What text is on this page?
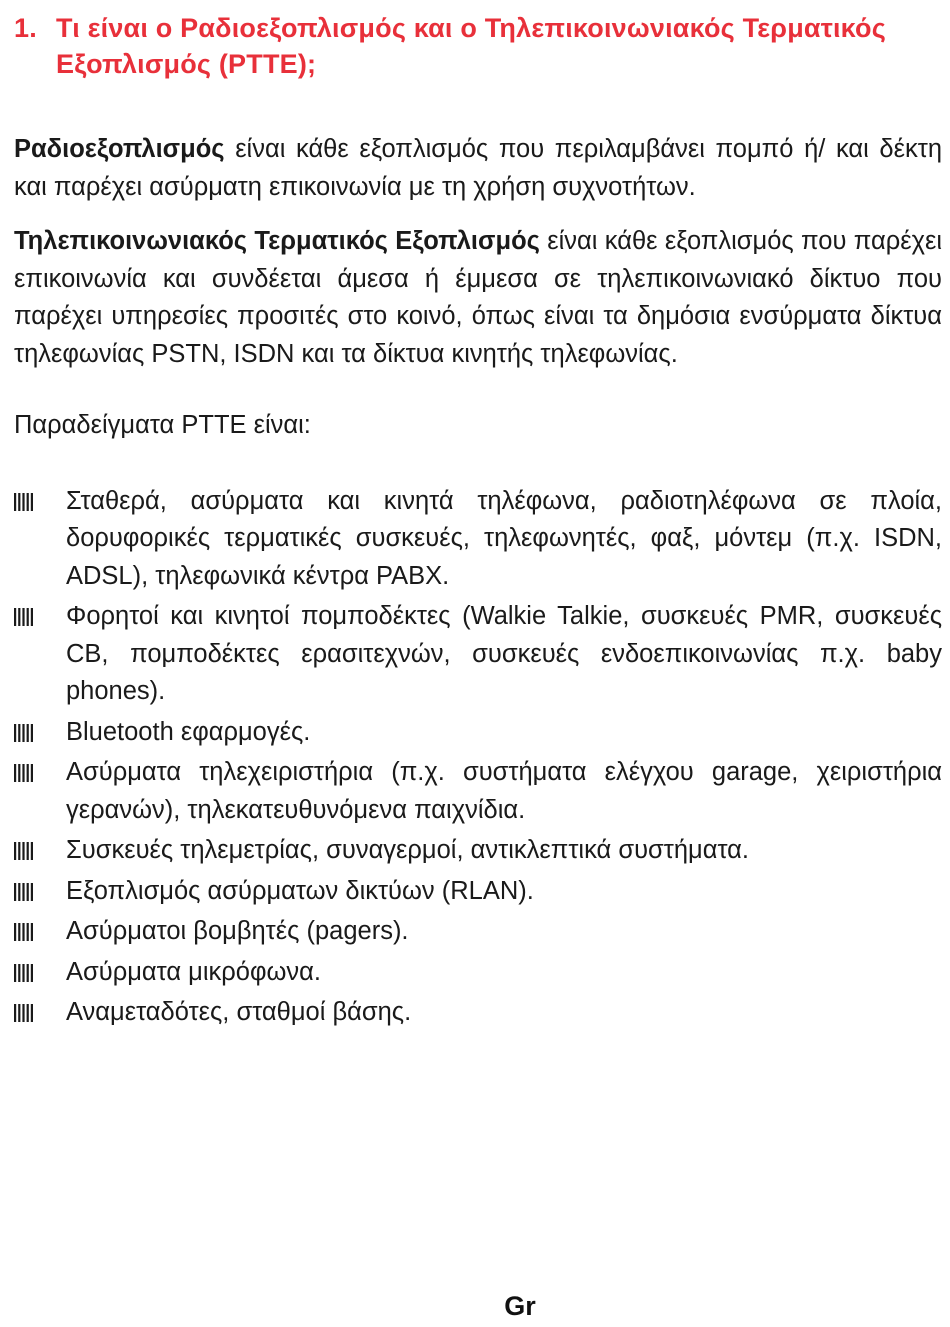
1. Τι είναι ο Ραδιοεξοπλισμός και ο Τηλεπικοινωνιακός Τερματικός Εξοπλισμός (PTTE);

Ραδιοεξοπλισμός είναι κάθε εξοπλισμός που περιλαμβάνει πομπό ή/ και δέκτη και παρέχει ασύρματη επικοινωνία με τη χρήση συχνοτήτων.

Τηλεπικοινωνιακός Τερματικός Εξοπλισμός είναι κάθε εξοπλισμός που παρέχει επικοινωνία και συνδέεται άμεσα ή έμμεσα σε τηλεπικοινωνιακό δίκτυο που παρέχει υπηρεσίες προσιτές στο κοινό, όπως είναι τα δημόσια ενσύρματα δίκτυα τηλεφωνίας PSTN, ISDN και τα δίκτυα κινητής τηλεφωνίας.

Παραδείγματα PTTE είναι:

Σταθερά, ασύρματα και κινητά τηλέφωνα, ραδιοτηλέφωνα σε πλοία, δορυφορικές τερματικές συσκευές, τηλεφωνητές, φαξ, μόντεμ (π.χ. ISDN, ADSL), τηλεφωνικά κέντρα PABX.
Φορητοί και κινητοί πομποδέκτες (Walkie Talkie, συσκευές PMR, συσκευές CB, πομποδέκτες ερασιτεχνών, συσκευές ενδοεπικοινωνίας π.χ. baby phones).
Bluetooth εφαρμογές.
Ασύρματα τηλεχειριστήρια (π.χ. συστήματα ελέγχου garage, χειριστήρια γερανών), τηλεκατευθυνόμενα παιχνίδια.
Συσκευές τηλεμετρίας, συναγερμοί, αντικλεπτικά συστήματα.
Εξοπλισμός ασύρματων δικτύων (RLAN).
Ασύρματοι βομβητές (pagers).
Ασύρματα μικρόφωνα.
Αναμεταδότες, σταθμοί βάσης.
Gr
